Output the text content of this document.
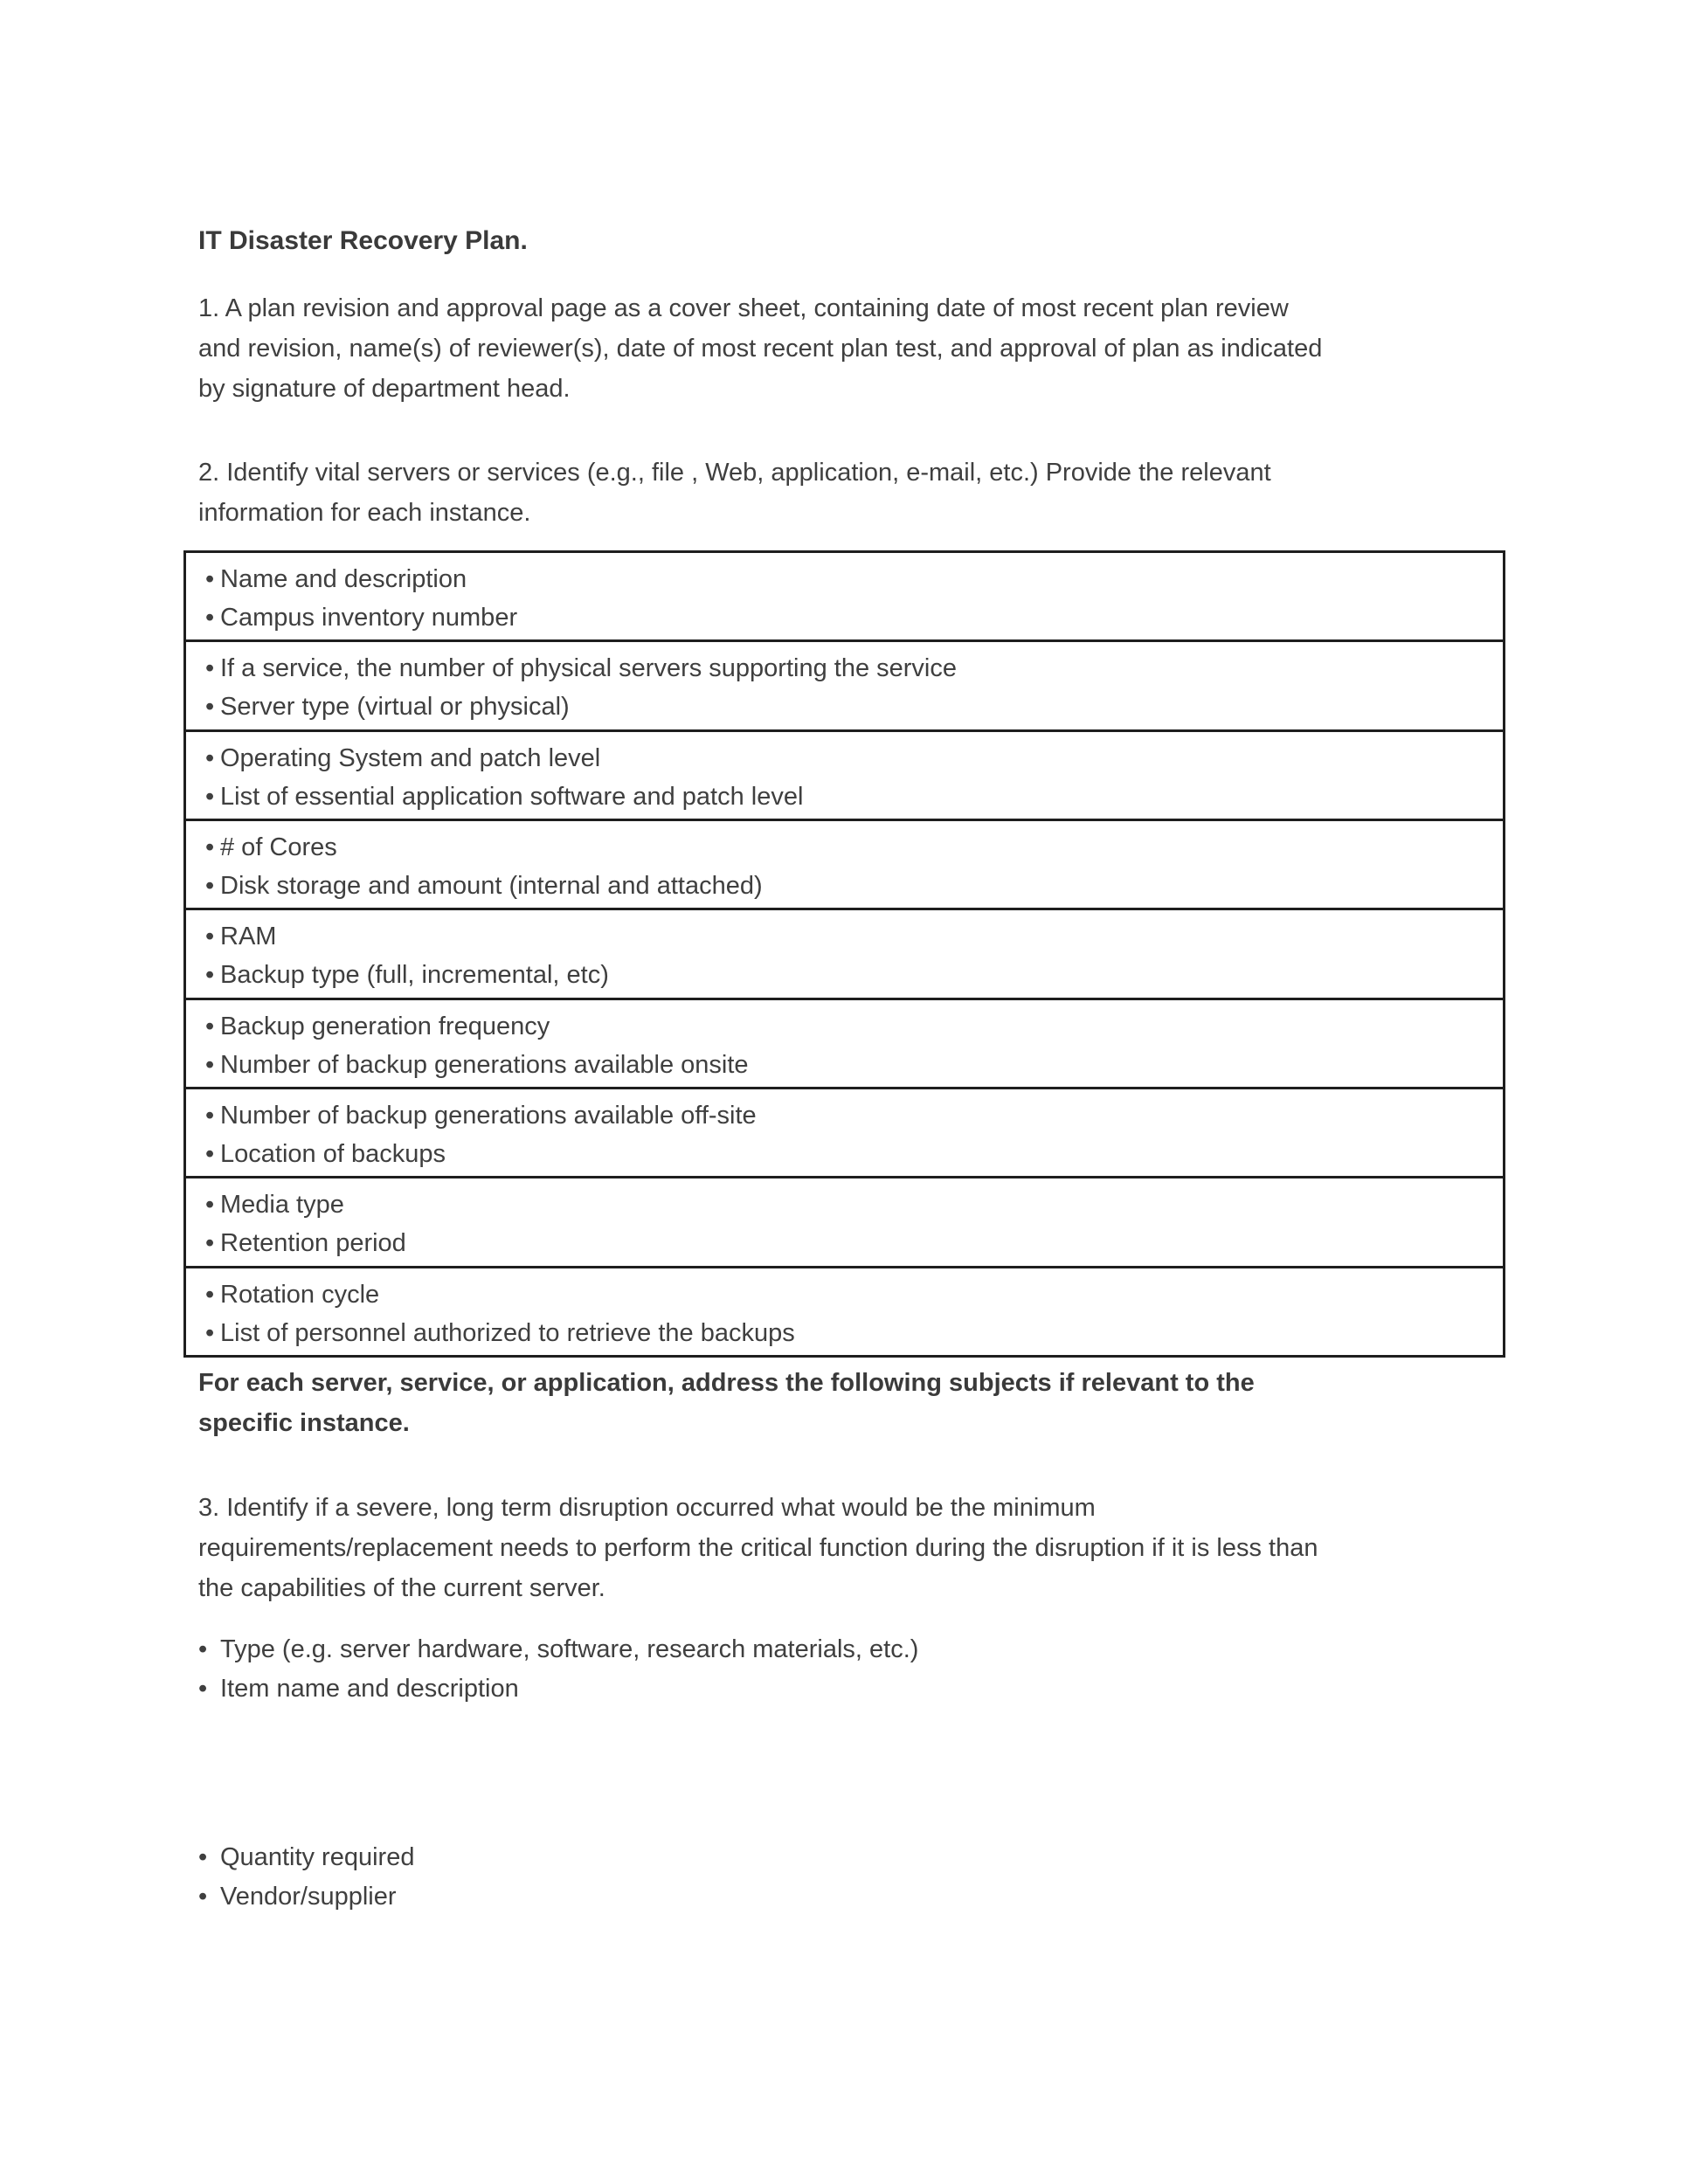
IT Disaster Recovery Plan.
1. A plan revision and approval page as a cover sheet, containing date of most recent plan review
and revision, name(s) of reviewer(s), date of most recent plan test, and approval of plan as indicated
by signature of department head.
2. Identify vital servers or services (e.g., file , Web, application, e-mail, etc.) Provide the relevant
information for each instance.
• Name and description
• Campus inventory number
• If a service, the number of physical servers supporting the service
• Server type (virtual or physical)
• Operating System and patch level
• List of essential application software and patch level
• # of Cores
• Disk storage and amount (internal and attached)
• RAM
• Backup type (full, incremental, etc)
• Backup generation frequency
• Number of backup generations available onsite
• Number of backup generations available off-site
• Location of backups
• Media type
• Retention period
• Rotation cycle
• List of personnel authorized to retrieve the backups
For each server, service, or application, address the following subjects if relevant to the
specific instance.
3. Identify if a severe, long term disruption occurred what would be the minimum
requirements/replacement needs to perform the critical function during the disruption if it is less than
the capabilities of the current server.
• Type (e.g. server hardware, software, research materials, etc.)
• Item name and description
• Quantity required
• Vendor/supplier
